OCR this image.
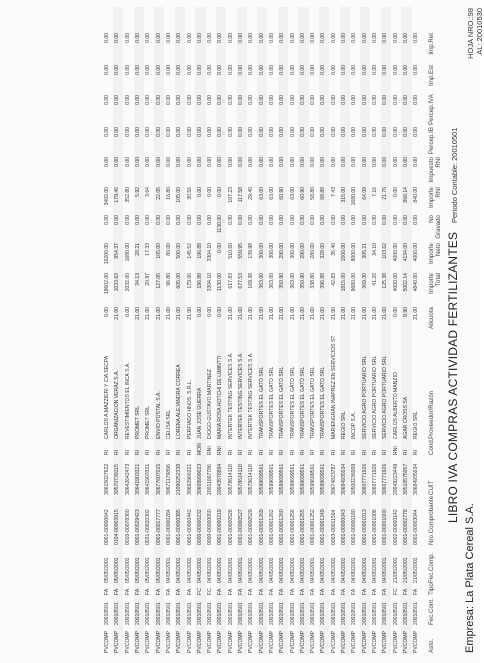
Empresa: La Plata Cereal S.A.
LIBRO IVA COMPRAS ACTIVIDAD FERTILIZANTES
HOJA NRO.:98 AL: 20010530
Periodo Contable: 20010501
Asto.
Fec.Cont.
Tipo
Fec.Comp.
Nro.Comprobante
CUIT
Cond.
Proveedor/Razón
Alicuota
Importe Total
Importe Neto
No Gravado
Importe RNI
Impuesto RNI
Percep.IB
Percep.IVA
Imp.Est
Imp.Ret
PVCOMP
20010501
FA
05/05/2001
0001-00000642
30615027622
RI
CARLOS A.MAZZIERI Y CIA SECPA
0.00
19602.00
16200.00
0.00
3402.00
0.00
0.00
0.00
0.00
0.00
PVCOMP
20010501
FA
05/05/2001
0104-00003915
30570739115
RI
ORGANIZACION VERAZ S.A.
21.00
1033.63
854.37
0.00
179.46
0.00
0.00
0.00
0.00
0.00
PVCOMP
20010501
FA
05/05/2001
0010-00078360
30642642473
RI
REVESTIMIENTOS EL INCA S.A.
0.00
2032.60
1680.00
0.00
352.80
0.00
0.00
0.00
0.00
0.00
PVCOMP
20010501
FA
05/05/2001
0001-00029423
30641903321
RI
PROMET SRL
21.00
34.13
28.21
0.00
5.92
0.00
0.00
0.00
0.00
0.00
PVCOMP
20010501
FA
05/05/2001
0031-00020302
30641903321
RI
PROMET SRL
21.00
20.97
17.33
0.00
3.64
0.00
0.00
0.00
0.00
0.00
PVCOMP
20010501
FA
05/05/2001
0001-00017777
30677607015
RI
ENVIO POSTAL S.A.
21.00
127.05
105.00
0.00
22.05
0.00
0.00
0.00
0.00
0.00
PVCOMP
20010501
FA
04/05/2001
0001-00000284
30671176896
RI
CELISA SRL
21.00
96.80
80.00
0.00
16.80
0.00
0.00
0.00
0.00
0.00
PVCOMP
20010501
FA
04/05/2001
0001-00000385
21090252338
RI
LORENA ALEJANDRA CORREA
21.00
605.00
500.00
0.00
105.00
0.00
0.00
0.00
0.00
0.00
PVCOMP
20010501
FA
04/05/2001
0001-00000442
30692966221
RI
PERFIADO HNOS. S.R.L.
21.00
179.06
145.52
0.00
30.56
0.00
0.00
0.00
0.00
0.00
PVCOMP
20010501
FC
04/05/2001
0000-00000232
30609999023
MON
JUAN JOSE GUERRA
0.00
196.88
196.88
0.00
0.00
0.00
0.00
0.00
0.00
0.00
PVCOMP
20010501
FC
04/05/2001
0000-00000050
20011007786
RNI
DIOGO GUSTAVO MARTINEZ
0.00
3304.10
3304.10
0.00
0.00
0.00
0.00
0.00
0.00
0.00
PVCOMP
20010501
FA
04/05/2001
0001-00000219
20043578894
RNI
MARIA ROSA HOTCHI DE LIMINTTI
0.00
1130.00
0.00
1130.00
0.00
0.00
0.00
0.00
0.00
0.00
PVCOMP
20010501
FA
04/05/2001
0001-00000528
30578614118
RI
INTERTEK TESTING SERVICES S.A.
21.00
617.83
510.60
0.00
107.23
0.00
0.00
0.00
0.00
0.00
PVCOMP
20010501
FA
04/05/2001
0001-00000527
30578614118
RI
INTERTEK TESTING SERVICES S.A.
21.00
677.53
559.95
0.00
117.58
0.00
0.00
0.00
0.00
0.00
PVCOMP
20010501
FA
04/05/2001
0001-00000529
30578614118
RI
INTERTEK TESTING SERVICES S.A.
21.00
169.38
139.98
0.00
29.40
0.00
0.00
0.00
0.00
0.00
PVCOMP
20010501
FA
04/05/2001
0001-00001269
30599699561
RI
TRANSPORTES EL GATO SRL
21.00
363.00
300.00
0.00
63.00
0.00
0.00
0.00
0.00
0.00
PVCOMP
20010501
FA
04/05/2001
0001-00001262
30599699561
RI
TRANSPORTES EL GATO SRL
21.00
363.00
300.00
0.00
63.00
0.00
0.00
0.00
0.00
0.00
PVCOMP
20010501
FA
04/05/2001
0001-00001260
30599699561
RI
TRANSPORTES EL GATO SRL
21.00
350.90
290.00
0.00
60.90
0.00
0.00
0.00
0.00
0.00
PVCOMP
20010501
FA
04/05/2001
0001-00001256
30599699561
RI
TRANSPORTES EL GATO SRL
21.00
363.00
300.00
0.00
63.00
0.00
0.00
0.00
0.00
0.00
PVCOMP
20010501
FA
04/05/2001
0001-00001255
30599699561
RI
TRANSPORTES EL GATO SRL
21.00
350.90
290.00
0.00
60.90
0.00
0.00
0.00
0.00
0.00
PVCOMP
20010501
FA
04/05/2001
0001-00001252
30599699561
RI
TRANSPORTES EL GATO SRL
21.00
338.80
280.00
0.00
58.80
0.00
0.00
0.00
0.00
0.00
PVCOMP
20010501
FA
04/05/2001
0001-00001249
30599699561
RI
TRANSPORTES EL GATO SRL
21.00
396.88
328.00
0.00
68.88
0.00
0.00
0.00
0.00
0.00
PVCOMP
20010501
FA
04/05/2001
0003-00011504
30674823787
RI
MARIENGRAN INAPREZ EN SERVICIOS ST
21.00
42.83
35.40
0.00
7.43
0.00
0.00
0.00
0.00
0.00
PVCOMP
20010501
FA
04/05/2001
0001-00000043
30684935034
RI
REGIO SRL
21.00
1815.00
1500.00
0.00
315.00
0.00
0.00
0.00
0.00
0.00
PVCOMP
20010501
FA
04/05/2001
0001-00000180
30500236009
RI
INCOP S.A.
21.00
9680.00
8000.00
0.00
1680.00
0.00
0.00
0.00
0.00
0.00
PVCOMP
20010501
FA
04/05/2001
0001-00001013
30607771926
RI
SERVICIO AGRO PORTUARIO SRL
21.00
369.30
305.21
0.00
64.09
0.00
0.00
0.00
0.00
0.00
PVCOMP
20010501
FA
04/05/2001
0001-00001008
30607771926
RI
SERVICIO AGRO PORTUARIO SRL
21.00
41.26
34.10
0.00
7.16
0.00
0.00
0.00
0.00
0.00
PVCOMP
20010501
FA
04/05/2001
0001-00001000
30607771926
RI
SERVICIO AGRO PORTUARIO SRL
21.00
125.38
103.62
0.00
21.76
0.00
0.00
0.00
0.00
0.00
PVCOMP
20010501
FC
21/05/2001
0002-00000142
20049223449
RNI
CARLOS ALBERTO MANZIO
0.00
4000.00
4000.00
0.00
0.00
0.00
0.00
0.00
0.00
0.00
PVCOMP
20010501
FA
21/05/2001
0001-00002778
30510575057
RI
AGAR CROSS SA
9.90
5002.14
4134.00
0.00
868.14
0.00
0.00
0.00
0.00
0.00
PVCOMP
20010501
FA
21/05/2001
0001-00003044
30684935034
RI
REGIO SRL
21.00
4840.00
4000.00
0.00
840.00
0.00
0.00
0.00
0.00
0.00
